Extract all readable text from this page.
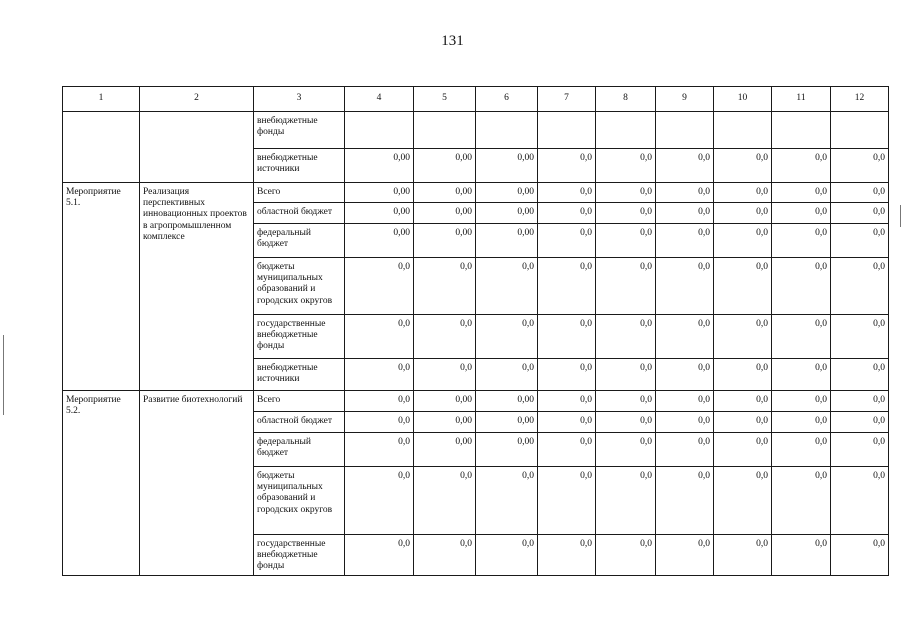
131
1	2	3	4	5	6	7	8	9	10	11	12
		внебюджетные фонды									
		внебюджетные источники	0,00	0,00	0,00	0,0	0,0	0,0	0,0	0,0	0,0
Мероприятие 5.1.	Реализация перспективных инновационных проектов в агропромышленном комплексе	Всего	0,00	0,00	0,00	0,0	0,0	0,0	0,0	0,0	0,0
		областной бюджет	0,00	0,00	0,00	0,0	0,0	0,0	0,0	0,0	0,0
		федеральный бюджет	0,00	0,00	0,00	0,0	0,0	0,0	0,0	0,0	0,0
		бюджеты муниципальных образований и городских округов	0,0	0,0	0,0	0,0	0,0	0,0	0,0	0,0	0,0
		государственные внебюджетные фонды	0,0	0,0	0,0	0,0	0,0	0,0	0,0	0,0	0,0
		внебюджетные источники	0,0	0,0	0,0	0,0	0,0	0,0	0,0	0,0	0,0
Мероприятие 5.2.	Развитие биотехнологий	Всего	0,0	0,00	0,00	0,0	0,0	0,0	0,0	0,0	0,0
		областной бюджет	0,0	0,00	0,00	0,0	0,0	0,0	0,0	0,0	0,0
		федеральный бюджет	0,0	0,00	0,00	0,0	0,0	0,0	0,0	0,0	0,0
		бюджеты муниципальных образований и городских округов	0,0	0,0	0,0	0,0	0,0	0,0	0,0	0,0	0,0
		государственные внебюджетные фонды	0,0	0,0	0,0	0,0	0,0	0,0	0,0	0,0	0,0
